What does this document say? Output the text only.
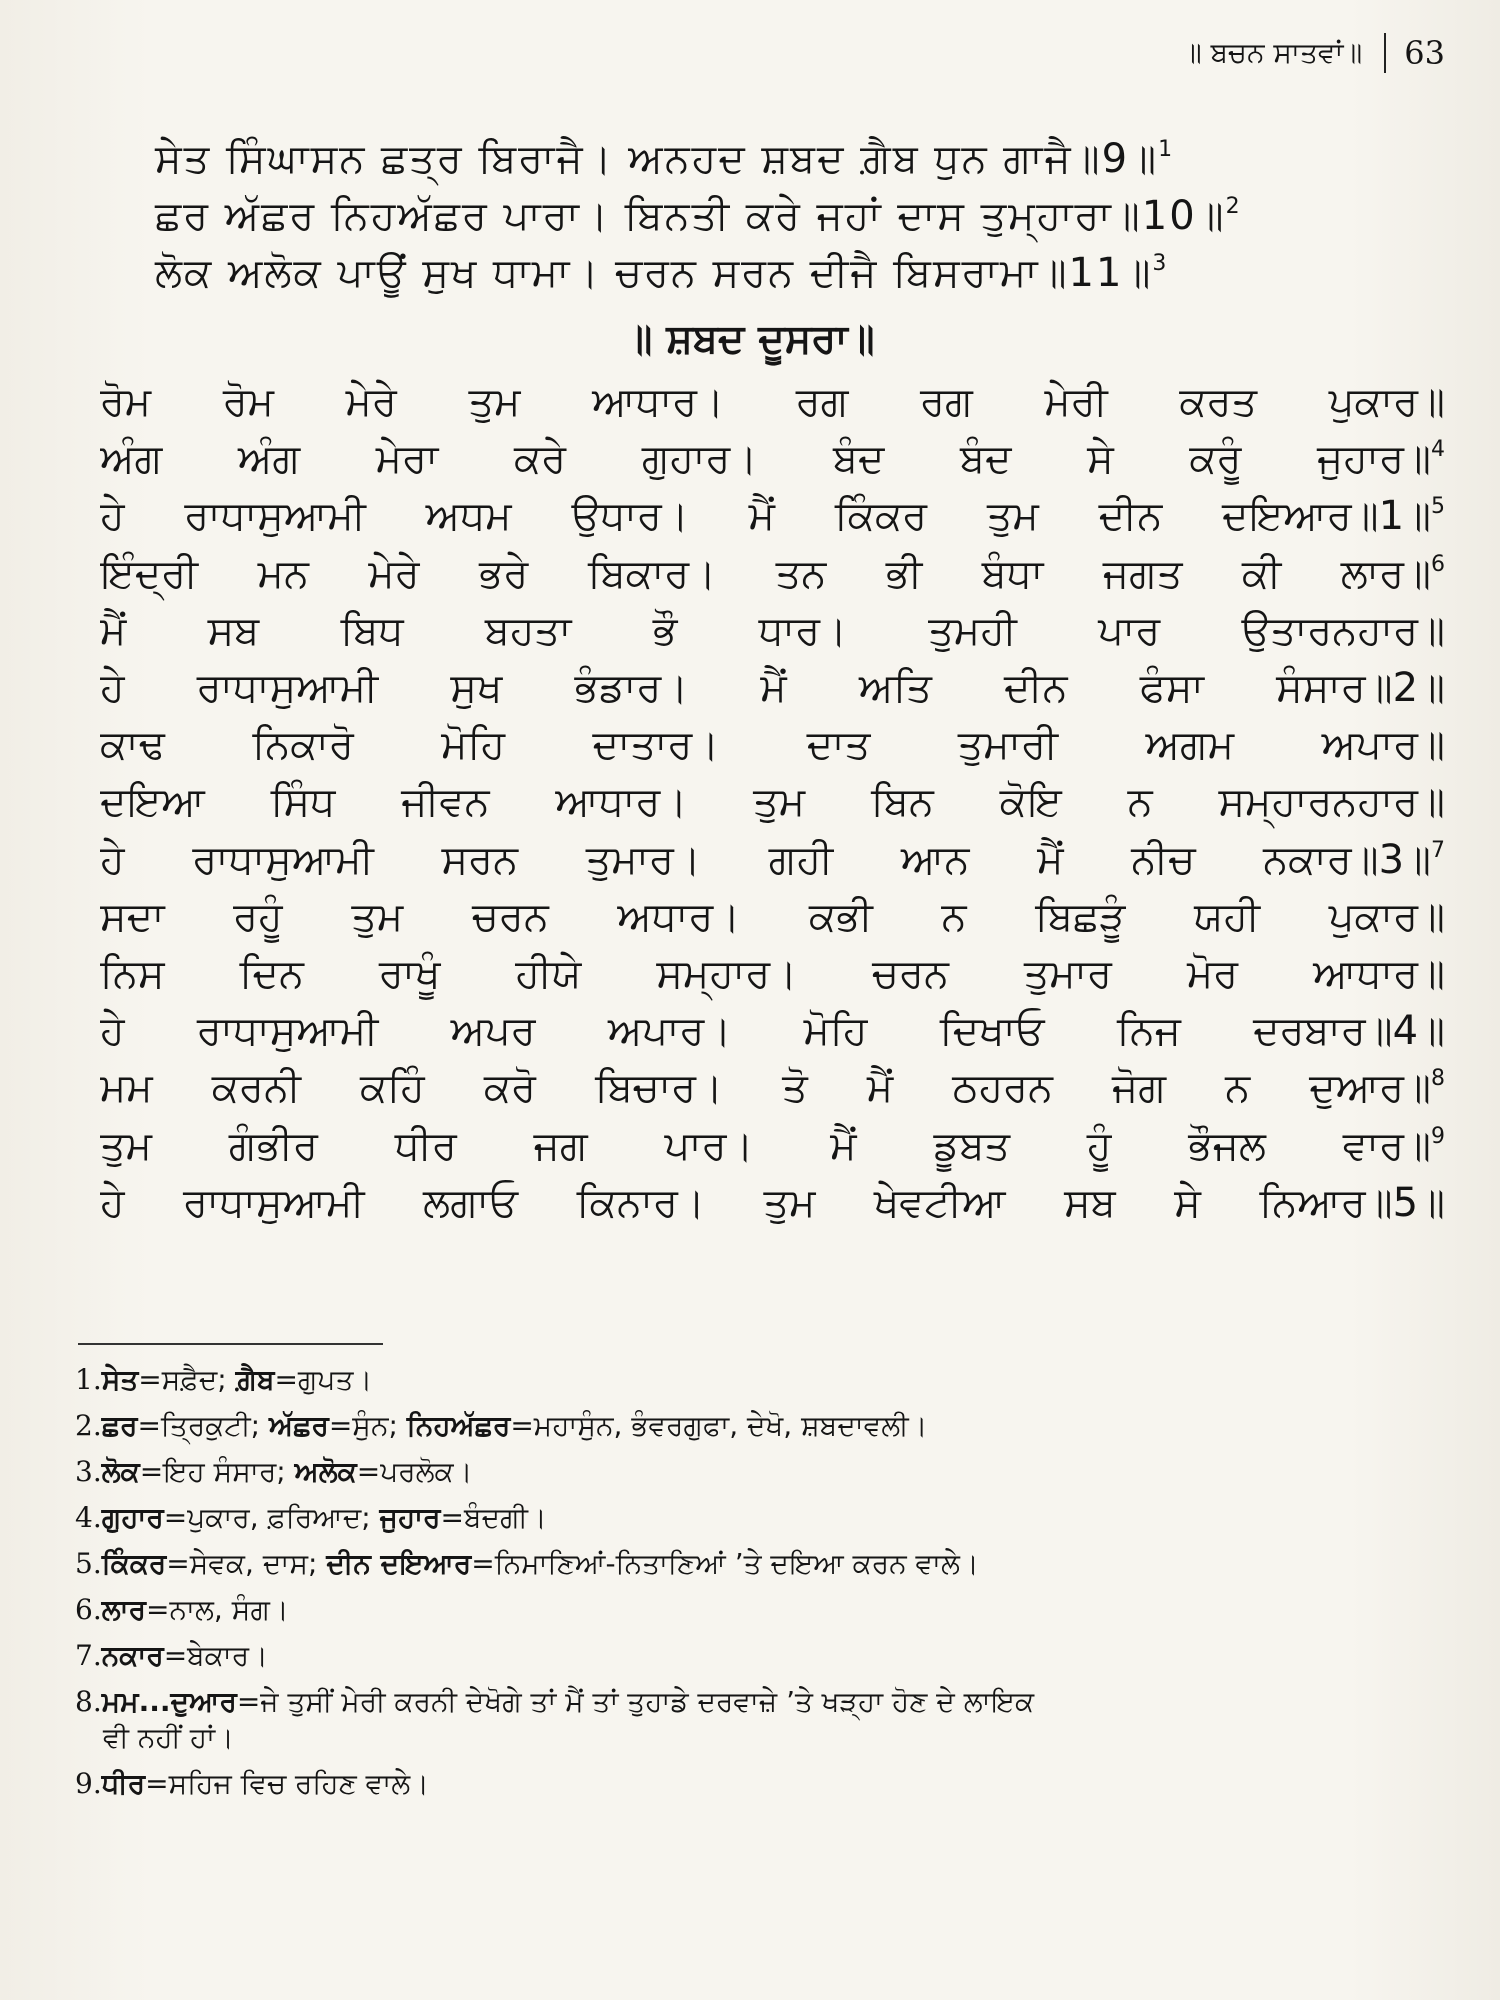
॥ ਬਚਨ ਸਾਤਵਾਂ॥ 63
ਸੇਤ ਸਿੰਘਾਸਨ ਛਤ੍ਰ ਬਿਰਾਜੈ। ਅਨਹਦ ਸ਼ਬਦ ਗ਼ੈਬ ਧੁਨ ਗਾਜੈ॥9॥$^1$
ਛਰ ਅੱਛਰ ਨਿਹਅੱਛਰ ਪਾਰਾ। ਬਿਨਤੀ ਕਰੇ ਜਹਾਂ ਦਾਸ ਤੁਮ੍ਹਾਰਾ॥10॥$^2$
ਲੋਕ ਅਲੋਕ ਪਾਊਂ ਸੁਖ ਧਾਮਾ। ਚਰਨ ਸਰਨ ਦੀਜੈ ਬਿਸਰਾਮਾ॥11॥$^3$
ਰੋਮ ਰੋਮ ਮੇਰੇ ਤੁਮ ਆਧਾਰ। ਰਗ ਰਗ ਮੇਰੀ ਕਰਤ ਪੁਕਾਰ॥
ਅੰਗ ਅੰਗ ਮੇਰਾ ਕਰੇ ਗੁਹਾਰ। ਬੰਦ ਬੰਦ ਸੇ ਕਰੂੰ ਜੁਹਾਰ॥$^4$
ਹੇ ਰਾਧਾਸੁਆਮੀ ਅਧਮ ਉਧਾਰ। ਮੈਂ ਕਿੰਕਰ ਤੁਮ ਦੀਨ ਦਇਆਰ॥1॥$^5$
ਇੰਦ੍ਰੀ ਮਨ ਮੇਰੇ ਭਰੇ ਬਿਕਾਰ। ਤਨ ਭੀ ਬੰਧਾ ਜਗਤ ਕੀ ਲਾਰ॥$^6$
ਮੈਂ ਸਬ ਬਿਧ ਬਹਤਾ ਭੌ ਧਾਰ। ਤੁਮਹੀ ਪਾਰ ਉਤਾਰਨਹਾਰ॥
ਹੇ ਰਾਧਾਸੁਆਮੀ ਸੁਖ ਭੰਡਾਰ। ਮੈਂ ਅਤਿ ਦੀਨ ਫੰਸਾ ਸੰਸਾਰ॥2॥
ਕਾਢ ਨਿਕਾਰੋ ਮੋਹਿ ਦਾਤਾਰ। ਦਾਤ ਤੁਮਾਰੀ ਅਗਮ ਅਪਾਰ॥
ਦਇਆ ਸਿੰਧ ਜੀਵਨ ਆਧਾਰ। ਤੁਮ ਬਿਨ ਕੋਇ ਨ ਸਮ੍ਹਾਰਨਹਾਰ॥
ਹੇ ਰਾਧਾਸੁਆਮੀ ਸਰਨ ਤੁਮਾਰ। ਗਹੀ ਆਨ ਮੈਂ ਨੀਚ ਨਕਾਰ॥3॥$^7$
ਸਦਾ ਰਹੂੰ ਤੁਮ ਚਰਨ ਅਧਾਰ। ਕਭੀ ਨ ਬਿਛੜੂੰ ਯਹੀ ਪੁਕਾਰ॥
ਨਿਸ ਦਿਨ ਰਾਖੂੰ ਹੀਯੇ ਸਮ੍ਹਾਰ। ਚਰਨ ਤੁਮਾਰ ਮੋਰ ਆਧਾਰ॥
ਹੇ ਰਾਧਾਸੁਆਮੀ ਅਪਰ ਅਪਾਰ। ਮੋਹਿ ਦਿਖਾਓ ਨਿਜ ਦਰਬਾਰ॥4॥
ਮਮ ਕਰਨੀ ਕਹਿੰ ਕਰੋ ਬਿਚਾਰ। ਤੋ ਮੈਂ ਠਹਰਨ ਜੋਗ ਨ ਦੁਆਰ॥$^8$
ਤੁਮ ਗੰਭੀਰ ਧੀਰ ਜਗ ਪਾਰ। ਮੈਂ ਡੂਬਤ ਹੂੰ ਭੌਜਲ ਵਾਰ॥$^9$
ਹੇ ਰਾਧਾਸੁਆਮੀ ਲਗਾਓ ਕਿਨਾਰ। ਤੁਮ ਖੇਵਟੀਆ ਸਬ ਸੇ ਨਿਆਰ॥5॥
॥ ਸ਼ਬਦ ਦੂਸਰਾ॥
1.ਸੇਤ=ਸਫ਼ੈਦ; ਗ਼ੈਬ=ਗੁਪਤ।
2.ਛਰ=ਤ੍ਰਿਕੁਟੀ; ਅੱਛਰ=ਸੁੰਨ; ਨਿਹਅੱਛਰ=ਮਹਾਸੁੰਨ, ਭੰਵਰਗੁਫਾ, ਦੇਖੋ, ਸ਼ਬਦਾਵਲੀ।
3.ਲੋਕ=ਇਹ ਸੰਸਾਰ; ਅਲੋਕ=ਪਰਲੋਕ।
4.ਗੁਹਾਰ=ਪੁਕਾਰ, ਫ਼ਰਿਆਦ; ਜੁਹਾਰ=ਬੰਦਗੀ।
5.ਕਿੰਕਰ=ਸੇਵਕ, ਦਾਸ; ਦੀਨ ਦਇਆਰ=ਨਿਮਾਣਿਆਂ-ਨਿਤਾਣਿਆਂ ’ਤੇ ਦਇਆ ਕਰਨ ਵਾਲੇ।
6.ਲਾਰ=ਨਾਲ, ਸੰਗ।
7.ਨਕਾਰ=ਬੇਕਾਰ।
8.ਮਮ...ਦੁਆਰ=ਜੇ ਤੁਸੀਂ ਮੇਰੀ ਕਰਨੀ ਦੇਖੋਗੇ ਤਾਂ ਮੈਂ ਤਾਂ ਤੁਹਾਡੇ ਦਰਵਾਜ਼ੇ ’ਤੇ ਖੜ੍ਹਾ ਹੋਣ ਦੇ ਲਾਇਕ
ਵੀ ਨਹੀਂ ਹਾਂ।
9.ਧੀਰ=ਸਹਿਜ ਵਿਚ ਰਹਿਣ ਵਾਲੇ।
